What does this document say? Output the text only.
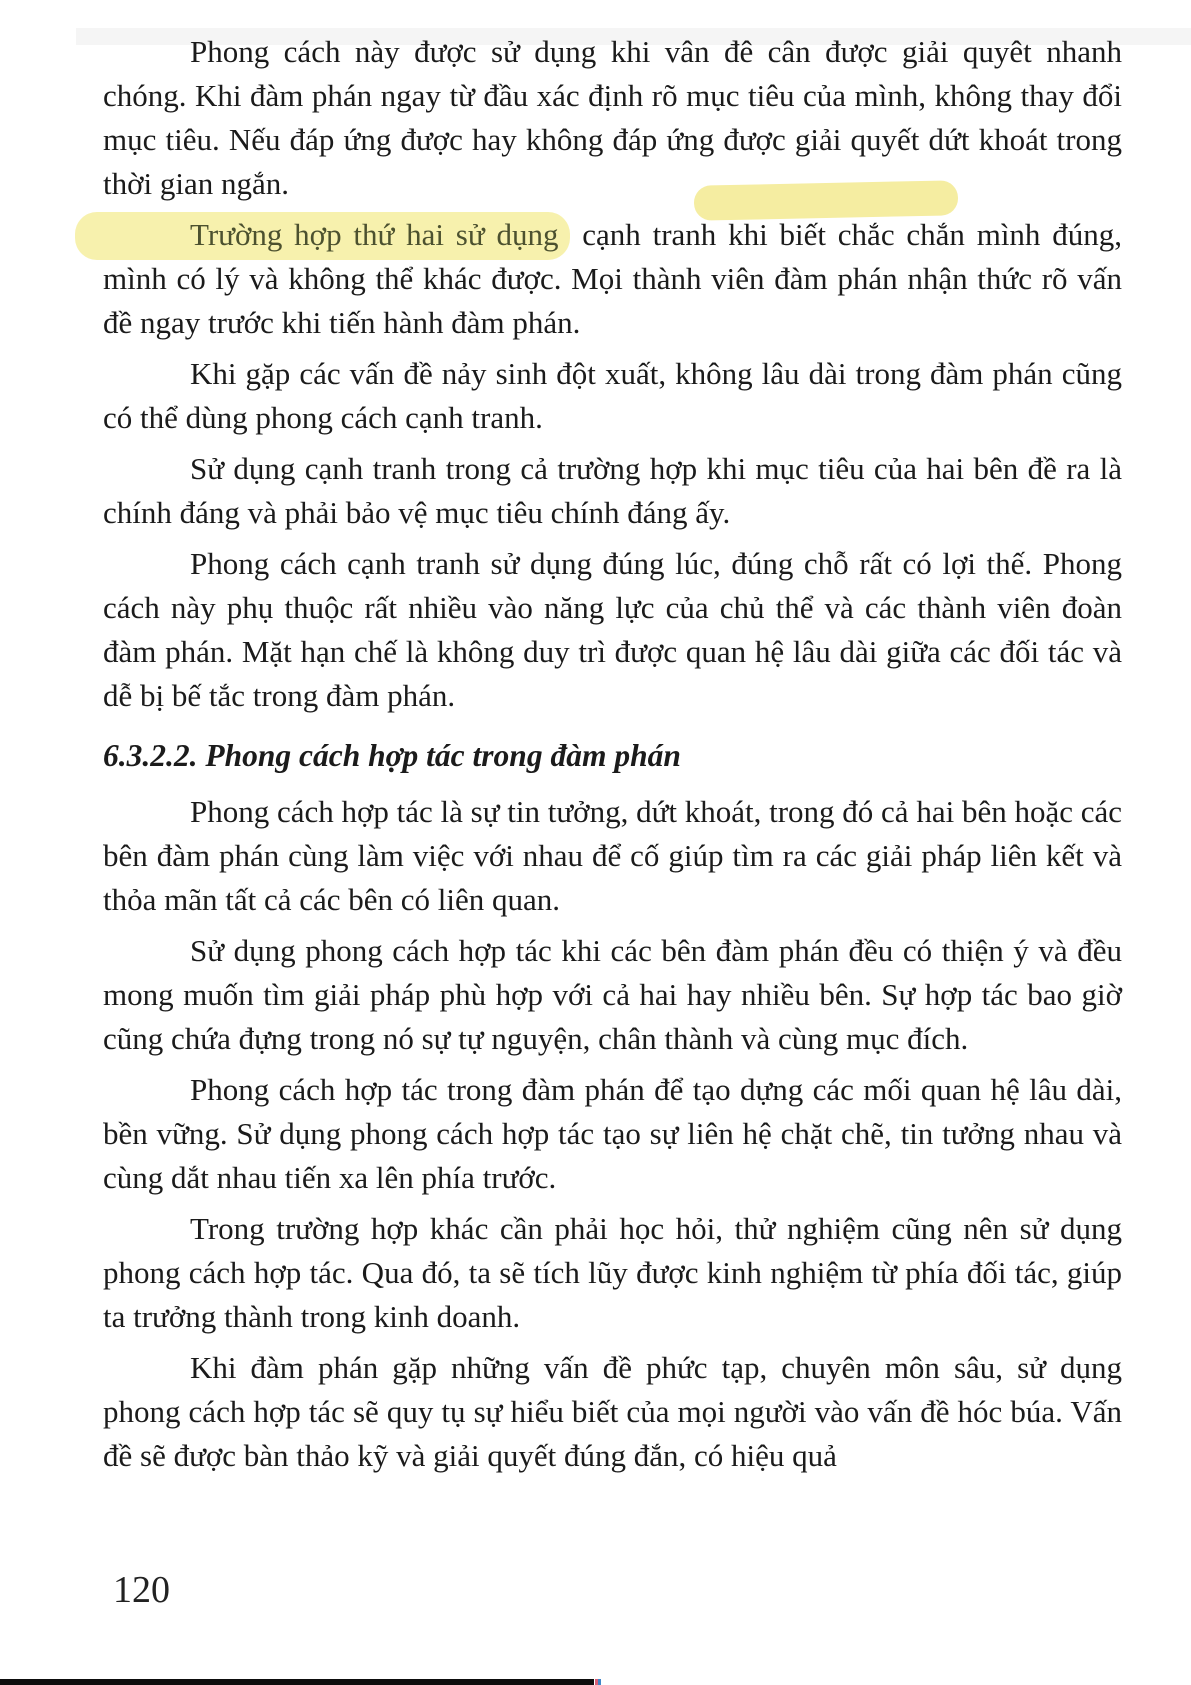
Phong cách này được sử dụng khi vân đê cân được giải quyêt nhanh chóng. Khi đàm phán ngay từ đầu xác định rõ mục tiêu của mình, không thay đổi mục tiêu. Nếu đáp ứng được hay không đáp ứng được giải quyết dứt khoát trong thời gian ngắn.

Trường hợp thứ hai sử dụng cạnh tranh khi biết chắc chắn mình đúng, mình có lý và không thể khác được. Mọi thành viên đàm phán nhận thức rõ vấn đề ngay trước khi tiến hành đàm phán.

Khi gặp các vấn đề nảy sinh đột xuất, không lâu dài trong đàm phán cũng có thể dùng phong cách cạnh tranh.

Sử dụng cạnh tranh trong cả trường hợp khi mục tiêu của hai bên đề ra là chính đáng và phải bảo vệ mục tiêu chính đáng ấy.

Phong cách cạnh tranh sử dụng đúng lúc, đúng chỗ rất có lợi thế. Phong cách này phụ thuộc rất nhiều vào năng lực của chủ thể và các thành viên đoàn đàm phán. Mặt hạn chế là không duy trì được quan hệ lâu dài giữa các đối tác và dễ bị bế tắc trong đàm phán.

6.3.2.2. Phong cách hợp tác trong đàm phán

Phong cách hợp tác là sự tin tưởng, dứt khoát, trong đó cả hai bên hoặc các bên đàm phán cùng làm việc với nhau để cố giúp tìm ra các giải pháp liên kết và thỏa mãn tất cả các bên có liên quan.

Sử dụng phong cách hợp tác khi các bên đàm phán đều có thiện ý và đều mong muốn tìm giải pháp phù hợp với cả hai hay nhiều bên. Sự hợp tác bao giờ cũng chứa đựng trong nó sự tự nguyện, chân thành và cùng mục đích.

Phong cách hợp tác trong đàm phán để tạo dựng các mối quan hệ lâu dài, bền vững. Sử dụng phong cách hợp tác tạo sự liên hệ chặt chẽ, tin tưởng nhau và cùng dắt nhau tiến xa lên phía trước.

Trong trường hợp khác cần phải học hỏi, thử nghiệm cũng nên sử dụng phong cách hợp tác. Qua đó, ta sẽ tích lũy được kinh nghiệm từ phía đối tác, giúp ta trưởng thành trong kinh doanh.

Khi đàm phán gặp những vấn đề phức tạp, chuyên môn sâu, sử dụng phong cách hợp tác sẽ quy tụ sự hiểu biết của mọi người vào vấn đề hóc búa. Vấn đề sẽ được bàn thảo kỹ và giải quyết đúng đắn, có hiệu quả

120
